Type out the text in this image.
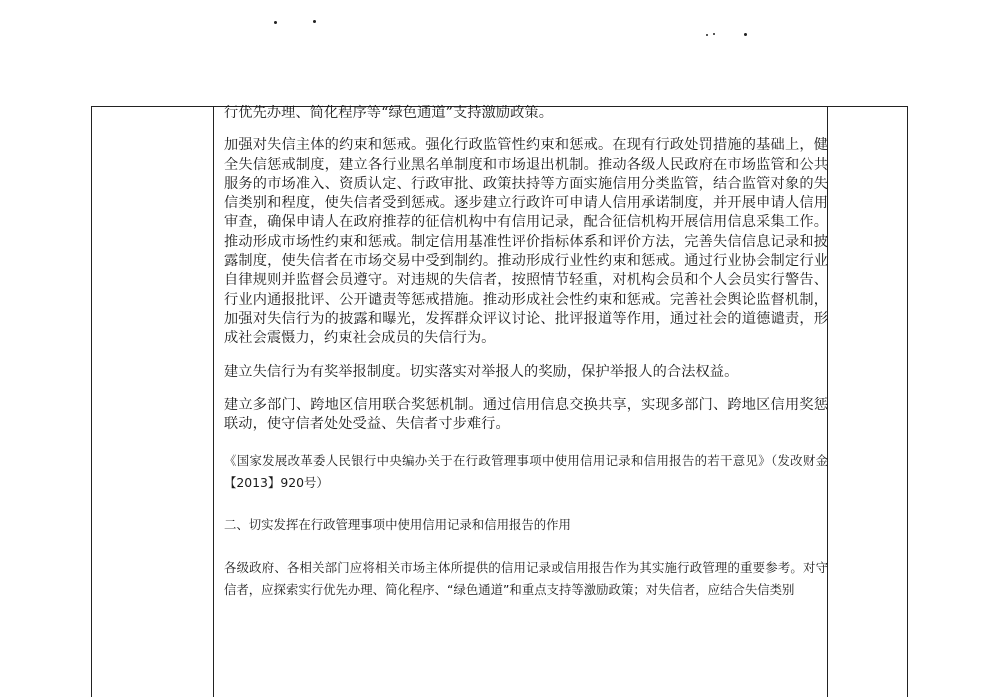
行优先办理、简化程序等“绿色通道”支持激励政策。

加强对失信主体的约束和惩戒。强化行政监管性约束和惩戒。在现有行政处罚措施的基础上，健全失信惩戒制度，建立各行业黑名单制度和市场退出机制。推动各级人民政府在市场监管和公共服务的市场准入、资质认定、行政审批、政策扶持等方面实施信用分类监管，结合监管对象的失信类别和程度，使失信者受到惩戒。逐步建立行政许可申请人信用承诺制度，并开展申请人信用审查，确保申请人在政府推荐的征信机构中有信用记录，配合征信机构开展信用信息采集工作。推动形成市场性约束和惩戒。制定信用基准性评价指标体系和评价方法，完善失信信息记录和披露制度，使失信者在市场交易中受到制约。推动形成行业性约束和惩戒。通过行业协会制定行业自律规则并监督会员遵守。对违规的失信者，按照情节轻重，对机构会员和个人会员实行警告、行业内通报批评、公开谴责等惩戒措施。推动形成社会性约束和惩戒。完善社会舆论监督机制，加强对失信行为的披露和曝光，发挥群众评议讨论、批评报道等作用，通过社会的道德谴责，形成社会震慑力，约束社会成员的失信行为。

建立失信行为有奖举报制度。切实落实对举报人的奖励，保护举报人的合法权益。

建立多部门、跨地区信用联合奖惩机制。通过信用信息交换共享，实现多部门、跨地区信用奖惩联动，使守信者处处受益、失信者寸步难行。

《国家发展改革委人民银行中央编办关于在行政管理事项中使用信用记录和信用报告的若干意见》（发改财金【2013】920号）

二、切实发挥在行政管理事项中使用信用记录和信用报告的作用

各级政府、各相关部门应将相关市场主体所提供的信用记录或信用报告作为其实施行政管理的重要参考。对守信者，应探索实行优先办理、简化程序、“绿色通道”和重点支持等激励政策；对失信者，应结合失信类别
